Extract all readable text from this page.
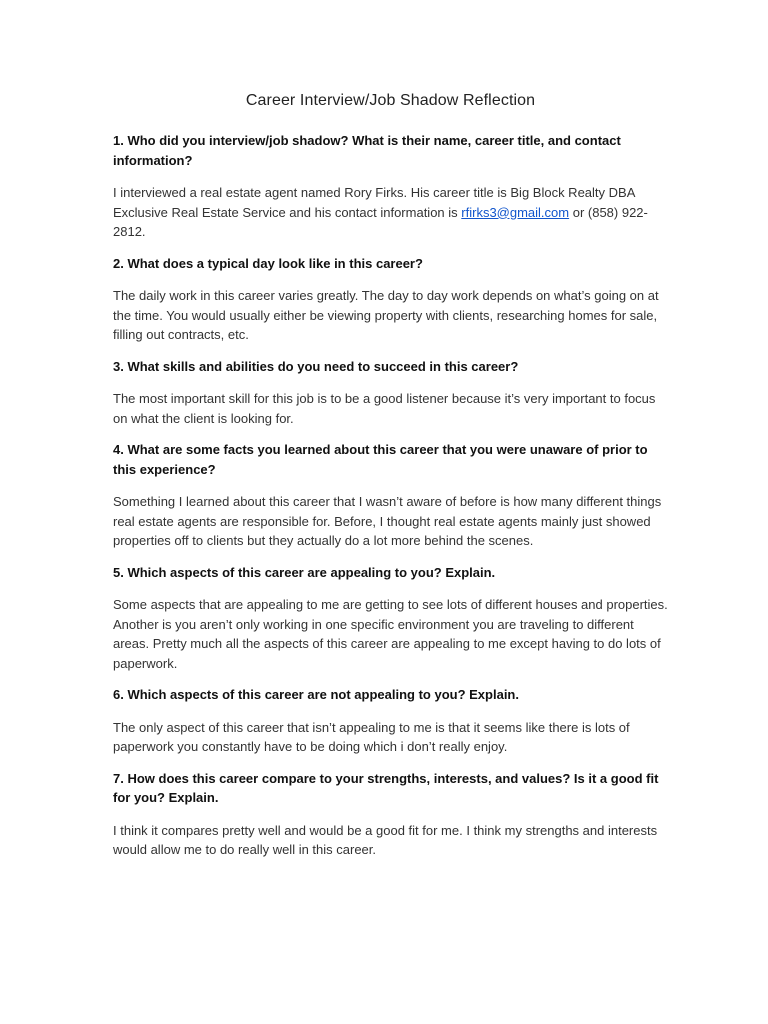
Career Interview/Job Shadow Reflection

1. Who did you interview/job shadow? What is their name, career title, and contact information?

I interviewed a real estate agent named Rory Firks. His career title is Big Block Realty DBA Exclusive Real Estate Service and his contact information is rfirks3@gmail.com or (858) 922-2812.

2. What does a typical day look like in this career?

The daily work in this career varies greatly. The day to day work depends on what’s going on at the time. You would usually either be viewing property with clients, researching homes for sale, filling out contracts, etc.

3. What skills and abilities do you need to succeed in this career?

The most important skill for this job is to be a good listener because it’s very important to focus on what the client is looking for.

4. What are some facts you learned about this career that you were unaware of prior to this experience?

Something I learned about this career that I wasn’t aware of before is how many different things real estate agents are responsible for. Before, I thought real estate agents mainly just showed properties off to clients but they actually do a lot more behind the scenes.

5. Which aspects of this career are appealing to you? Explain.

Some aspects that are appealing to me are getting to see lots of different houses and properties. Another is you aren’t only working in one specific environment you are traveling to different areas. Pretty much all the aspects of this career are appealing to me except having to do lots of paperwork.

6. Which aspects of this career are not appealing to you? Explain.

The only aspect of this career that isn’t appealing to me is that it seems like there is lots of paperwork you constantly have to be doing which i don’t really enjoy.

7. How does this career compare to your strengths, interests, and values? Is it a good fit for you? Explain.

I think it compares pretty well and would be a good fit for me. I think my strengths and interests would allow me to do really well in this career.
